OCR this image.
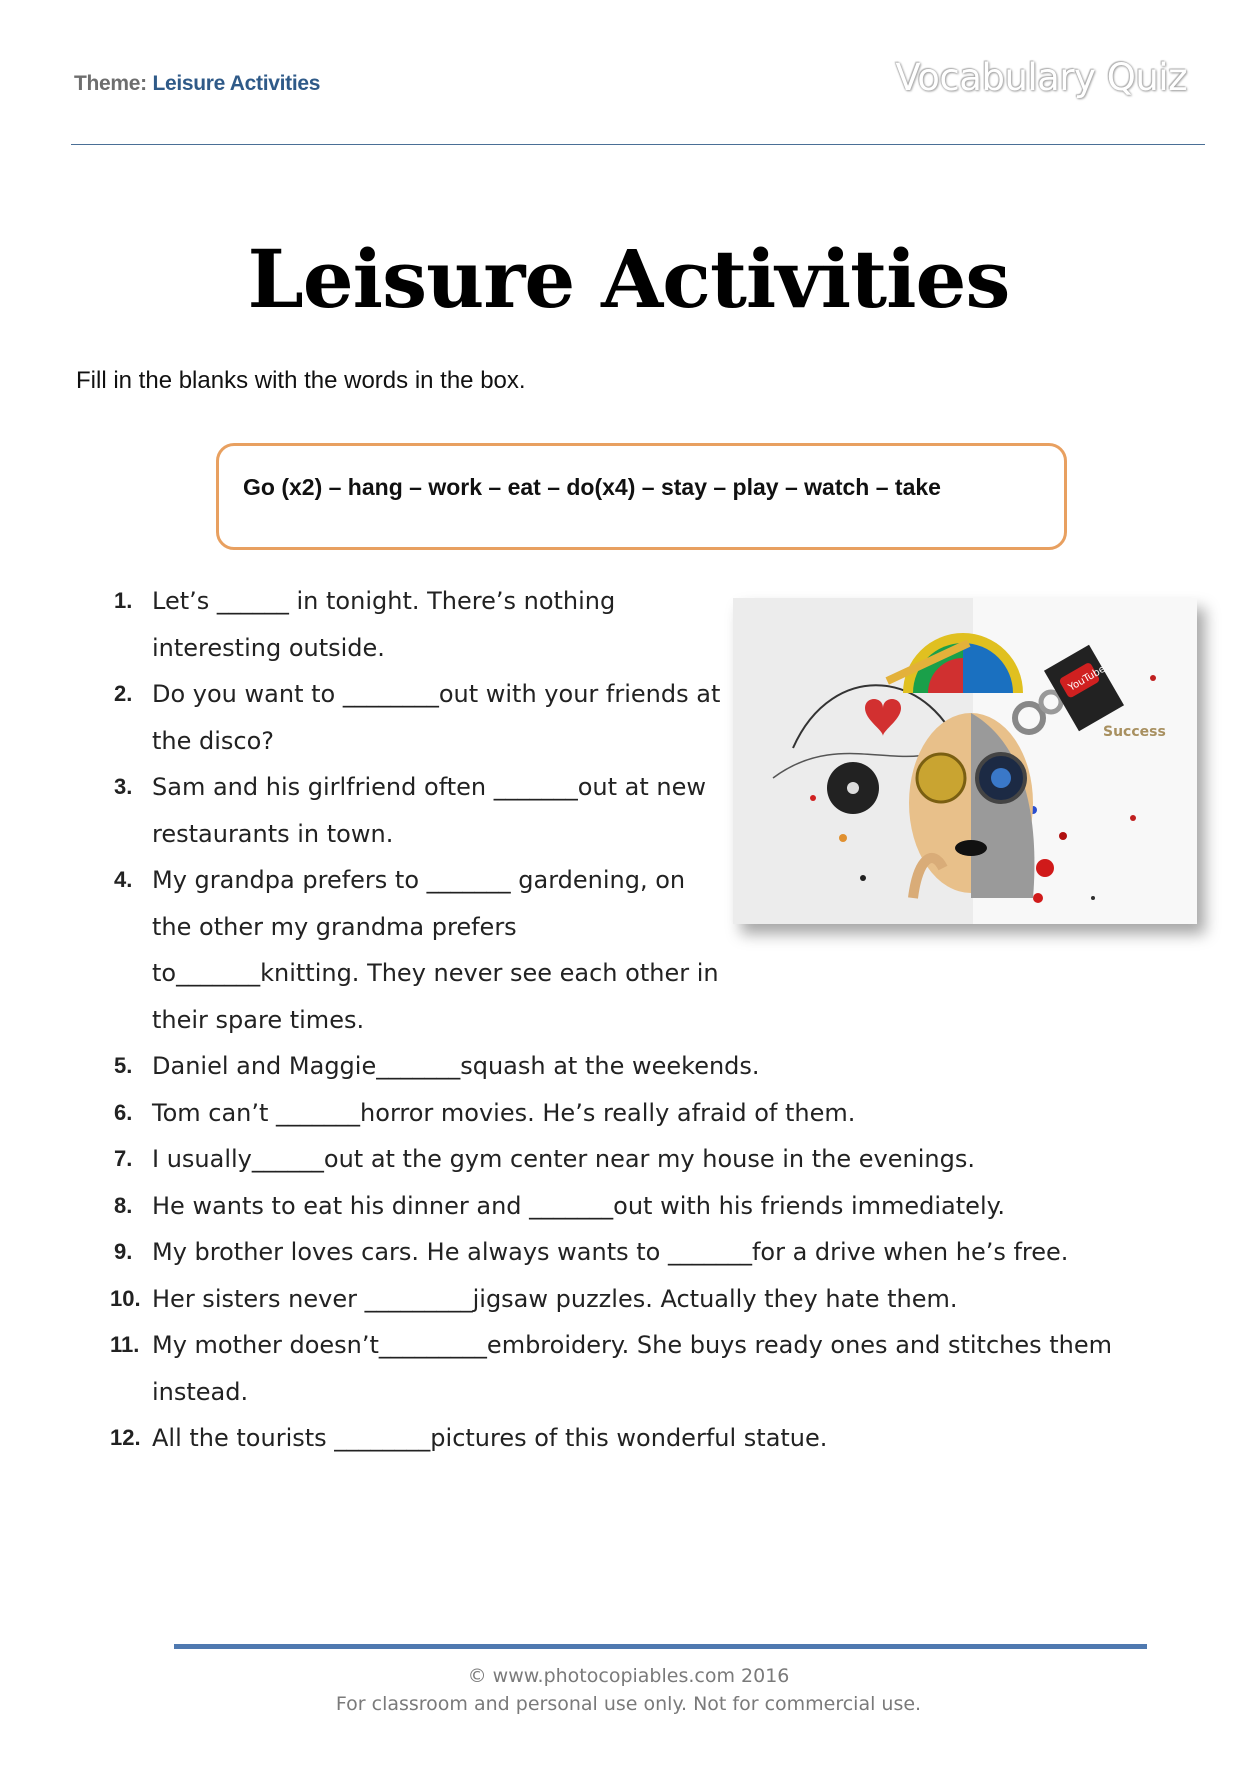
Theme: Leisure Activities	Vocabulary Quiz
Leisure Activities
Fill in the blanks with the words in the box.
Go (x2) – hang – work – eat – do(x4) – stay – play – watch – take
1. Let’s ______ in tonight. There’s nothing interesting outside.
2. Do you want to ________out with your friends at the disco?
3. Sam and his girlfriend often _______out at new restaurants in town.
4. My grandpa prefers to _______ gardening, on the other my grandma prefers to_______knitting. They never see each other in their spare times.
5. Daniel and Maggie_______squash at the weekends.
6. Tom can’t _______horror movies. He’s really afraid of them.
7. I usually______out at the gym center near my house in the evenings.
8. He wants to eat his dinner and _______out with his friends immediately.
9. My brother loves cars. He always wants to _______for a drive when he’s free.
10. Her sisters never _________jigsaw puzzles. Actually they hate them.
11. My mother doesn’t_________embroidery. She buys ready ones and stitches them instead.
12. All the tourists ________pictures of this wonderful statue.
YouTube
Success
© www.photocopiables.com 2016
For classroom and personal use only. Not for commercial use.
